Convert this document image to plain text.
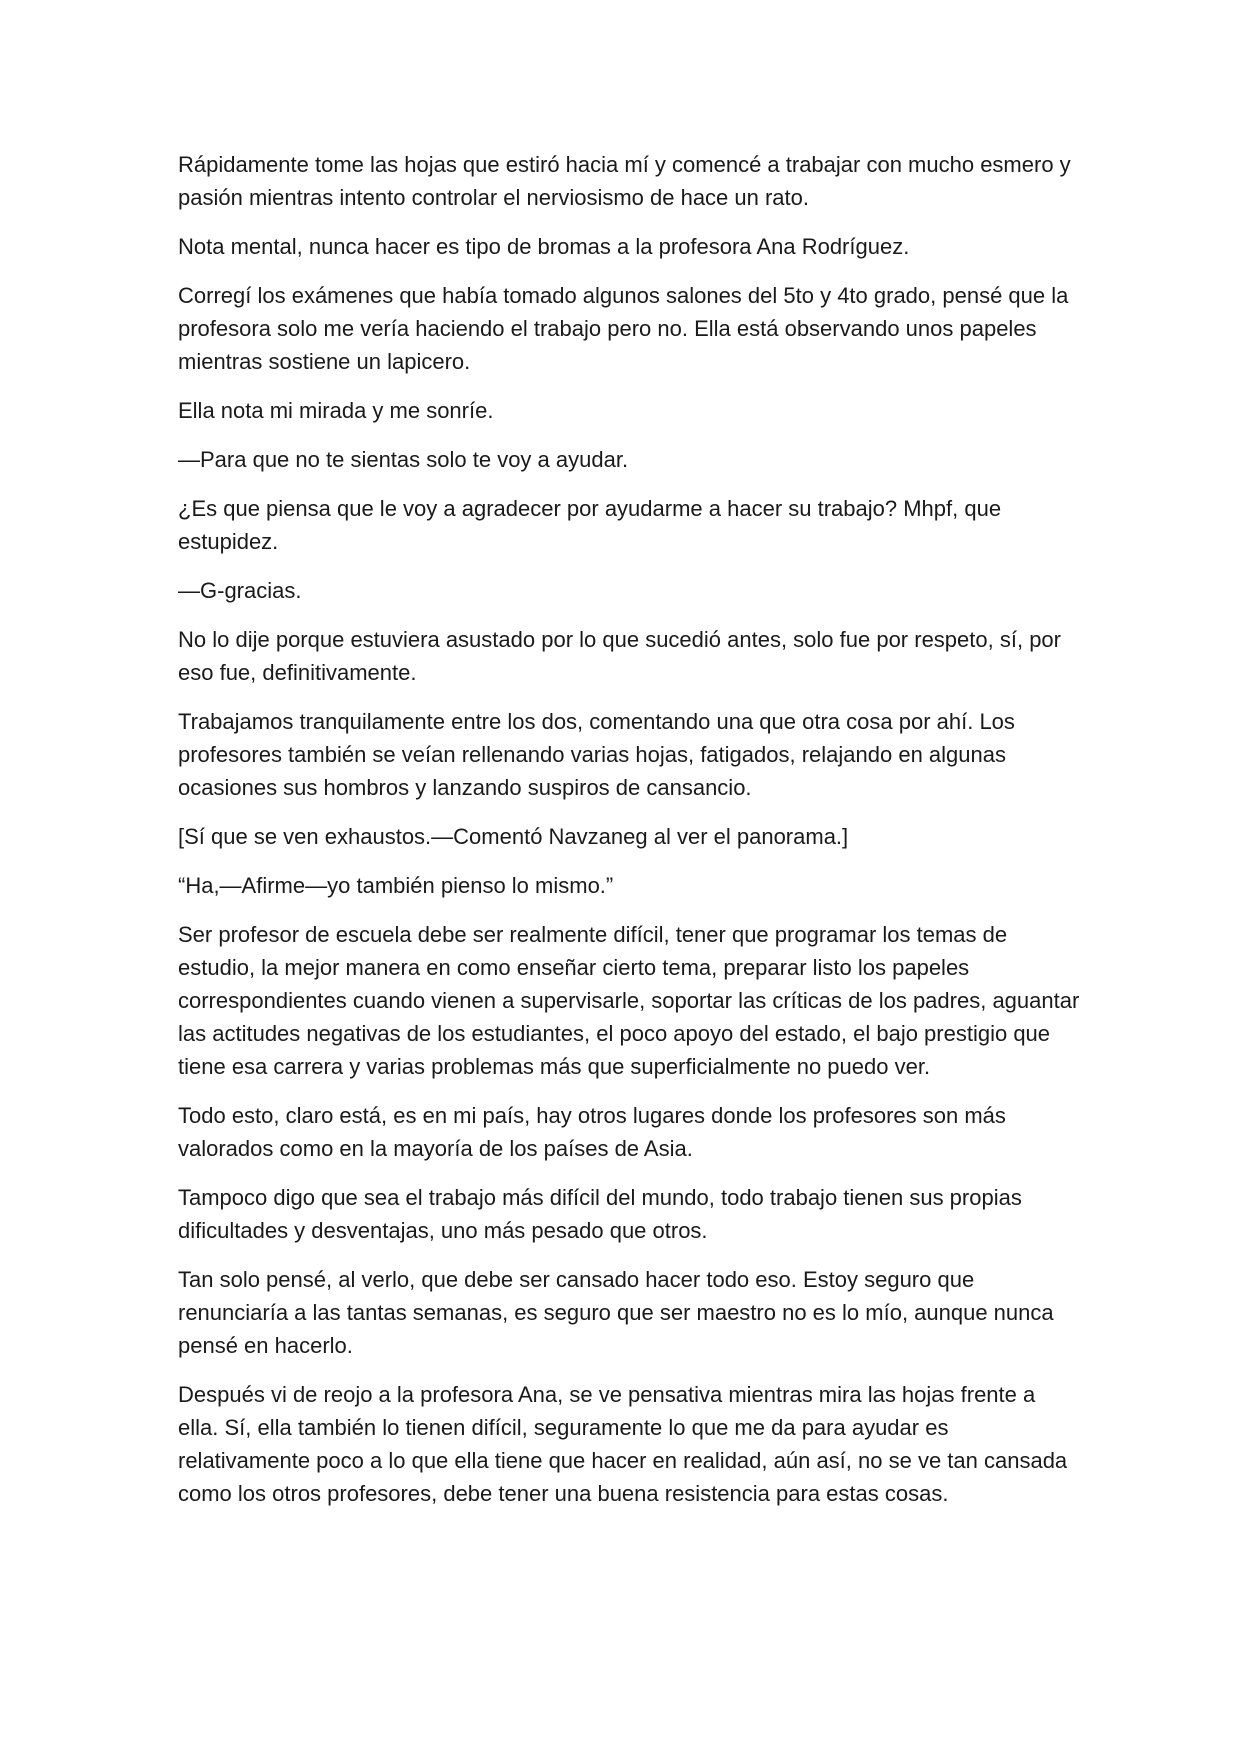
Rápidamente tome las hojas que estiró hacia mí y comencé a trabajar con mucho esmero y pasión mientras intento controlar el nerviosismo de hace un rato.

Nota mental, nunca hacer es tipo de bromas a la profesora Ana Rodríguez.

Corregí los exámenes que había tomado algunos salones del 5to y 4to grado, pensé que la profesora solo me vería haciendo el trabajo pero no. Ella está observando unos papeles mientras sostiene un lapicero.

Ella nota mi mirada y me sonríe.

—Para que no te sientas solo te voy a ayudar.

¿Es que piensa que le voy a agradecer por ayudarme a hacer su trabajo? Mhpf, que estupidez.

—G-gracias.

No lo dije porque estuviera asustado por lo que sucedió antes, solo fue por respeto, sí, por eso fue, definitivamente.

Trabajamos tranquilamente entre los dos, comentando una que otra cosa por ahí. Los profesores también se veían rellenando varias hojas, fatigados, relajando en algunas ocasiones sus hombros y lanzando suspiros de cansancio.

[Sí que se ven exhaustos.—Comentó Navzaneg al ver el panorama.]

“Ha,—Afirme—yo también pienso lo mismo.”

Ser profesor de escuela debe ser realmente difícil, tener que programar los temas de estudio, la mejor manera en como enseñar cierto tema, preparar listo los papeles correspondientes cuando vienen a supervisarle, soportar las críticas de los padres, aguantar las actitudes negativas de los estudiantes, el poco apoyo del estado, el bajo prestigio que tiene esa carrera y varias problemas más que superficialmente no puedo ver.

Todo esto, claro está, es en mi país, hay otros lugares donde los profesores son más valorados como en la mayoría de los países de Asia.

Tampoco digo que sea el trabajo más difícil del mundo, todo trabajo tienen sus propias dificultades y desventajas, uno más pesado que otros.

Tan solo pensé, al verlo, que debe ser cansado hacer todo eso. Estoy seguro que renunciaría a las tantas semanas, es seguro que ser maestro no es lo mío, aunque nunca pensé en hacerlo.

Después vi de reojo a la profesora Ana, se ve pensativa mientras mira las hojas frente a ella. Sí, ella también lo tienen difícil, seguramente lo que me da para ayudar es relativamente poco a lo que ella tiene que hacer en realidad, aún así, no se ve tan cansada como los otros profesores, debe tener una buena resistencia para estas cosas.
